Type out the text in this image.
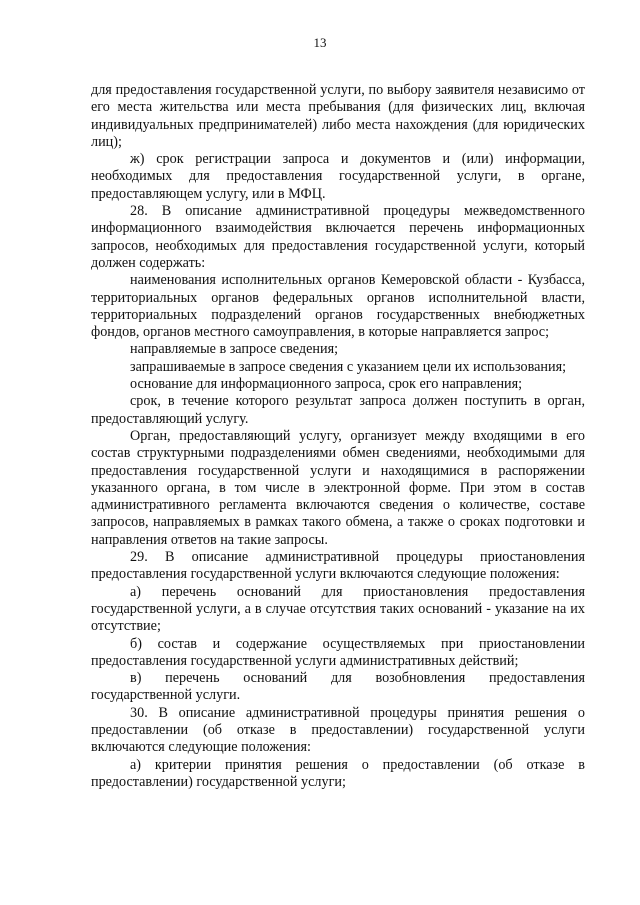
13

для предоставления государственной услуги, по выбору заявителя независимо от его места жительства или места пребывания (для физических лиц, включая индивидуальных предпринимателей) либо места нахождения (для юридических лиц);

ж) срок регистрации запроса и документов и (или) информации, необходимых для предоставления государственной услуги, в органе, предоставляющем услугу, или в МФЦ.

28. В описание административной процедуры межведомственного информационного взаимодействия включается перечень информационных запросов, необходимых для предоставления государственной услуги, который должен содержать:

наименования исполнительных органов Кемеровской области - Кузбасса, территориальных органов федеральных органов исполнительной власти, территориальных подразделений органов государственных внебюджетных фондов, органов местного самоуправления, в которые направляется запрос;

направляемые в запросе сведения;

запрашиваемые в запросе сведения с указанием цели их использования;

основание для информационного запроса, срок его направления;

срок, в течение которого результат запроса должен поступить в орган, предоставляющий услугу.

Орган, предоставляющий услугу, организует между входящими в его состав структурными подразделениями обмен сведениями, необходимыми для предоставления государственной услуги и находящимися в распоряжении указанного органа, в том числе в электронной форме. При этом в состав административного регламента включаются сведения о количестве, составе запросов, направляемых в рамках такого обмена, а также о сроках подготовки и направления ответов на такие запросы.

29. В описание административной процедуры приостановления предоставления государственной услуги включаются следующие положения:

а) перечень оснований для приостановления предоставления государственной услуги, а в случае отсутствия таких оснований - указание на их отсутствие;

б) состав и содержание осуществляемых при приостановлении предоставления государственной услуги административных действий;

в) перечень оснований для возобновления предоставления государственной услуги.

30. В описание административной процедуры принятия решения о предоставлении (об отказе в предоставлении) государственной услуги включаются следующие положения:

а) критерии принятия решения о предоставлении (об отказе в предоставлении) государственной услуги;
